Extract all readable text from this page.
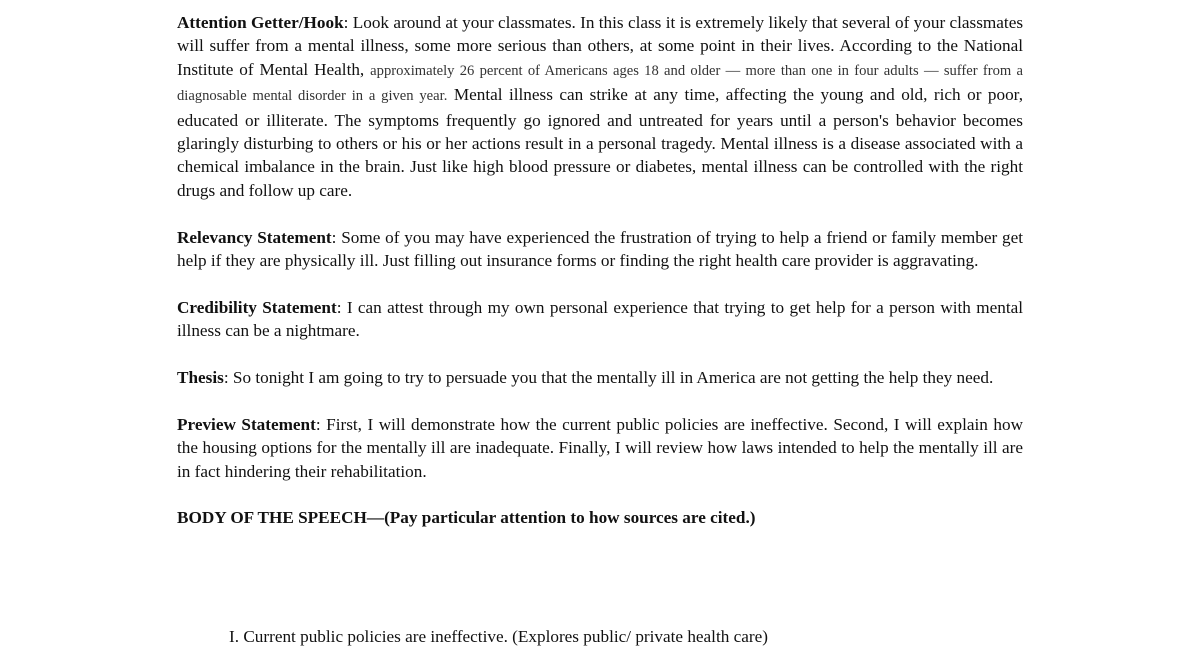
Attention Getter/Hook: Look around at your classmates. In this class it is extremely likely that several of your classmates will suffer from a mental illness, some more serious than others, at some point in their lives. According to the National Institute of Mental Health, approximately 26 percent of Americans ages 18 and older — more than one in four adults — suffer from a diagnosable mental disorder in a given year. Mental illness can strike at any time, affecting the young and old, rich or poor, educated or illiterate. The symptoms frequently go ignored and untreated for years until a person's behavior becomes glaringly disturbing to others or his or her actions result in a personal tragedy. Mental illness is a disease associated with a chemical imbalance in the brain. Just like high blood pressure or diabetes, mental illness can be controlled with the right drugs and follow up care.

Relevancy Statement: Some of you may have experienced the frustration of trying to help a friend or family member get help if they are physically ill. Just filling out insurance forms or finding the right health care provider is aggravating.

Credibility Statement: I can attest through my own personal experience that trying to get help for a person with mental illness can be a nightmare.

Thesis: So tonight I am going to try to persuade you that the mentally ill in America are not getting the help they need.

Preview Statement: First, I will demonstrate how the current public policies are ineffective. Second, I will explain how the housing options for the mentally ill are inadequate. Finally, I will review how laws intended to help the mentally ill are in fact hindering their rehabilitation.

BODY OF THE SPEECH—(Pay particular attention to how sources are cited.)

I. Current public policies are ineffective. (Explores public/ private health care)
